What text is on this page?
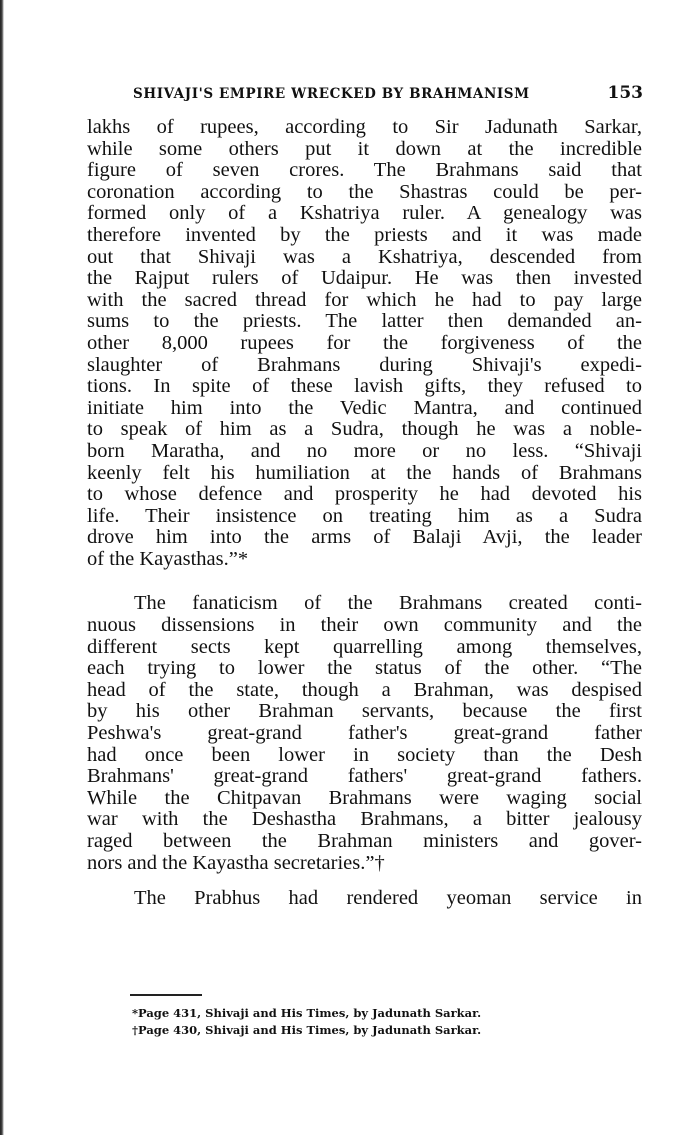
SHIVAJI'S EMPIRE WRECKED BY BRAHMANISM	153
lakhs of rupees, according to Sir Jadunath Sarkar,
while some others put it down at the incredible
figure of seven crores. The Brahmans said that
coronation according to the Shastras could be per-
formed only of a Kshatriya ruler. A genealogy was
therefore invented by the priests and it was made
out that Shivaji was a Kshatriya, descended from
the Rajput rulers of Udaipur. He was then invested
with the sacred thread for which he had to pay large
sums to the priests. The latter then demanded an-
other 8,000 rupees for the forgiveness of the
slaughter of Brahmans during Shivaji's expedi-
tions. In spite of these lavish gifts, they refused to
initiate him into the Vedic Mantra, and continued
to speak of him as a Sudra, though he was a noble-
born Maratha, and no more or no less. “Shivaji
keenly felt his humiliation at the hands of Brahmans
to whose defence and prosperity he had devoted his
life. Their insistence on treating him as a Sudra
drove him into the arms of Balaji Avji, the leader
of the Kayasthas.”*
The fanaticism of the Brahmans created conti-
nuous dissensions in their own community and the
different sects kept quarrelling among themselves,
each trying to lower the status of the other. “The
head of the state, though a Brahman, was despised
by his other Brahman servants, because the first
Peshwa's great-grand father's great-grand father
had once been lower in society than the Desh
Brahmans' great-grand fathers' great-grand fathers.
While the Chitpavan Brahmans were waging social
war with the Deshastha Brahmans, a bitter jealousy
raged between the Brahman ministers and gover-
nors and the Kayastha secretaries.”†
The Prabhus had rendered yeoman service in
*Page 431, Shivaji and His Times, by Jadunath Sarkar.
†Page 430, Shivaji and His Times, by Jadunath Sarkar.
